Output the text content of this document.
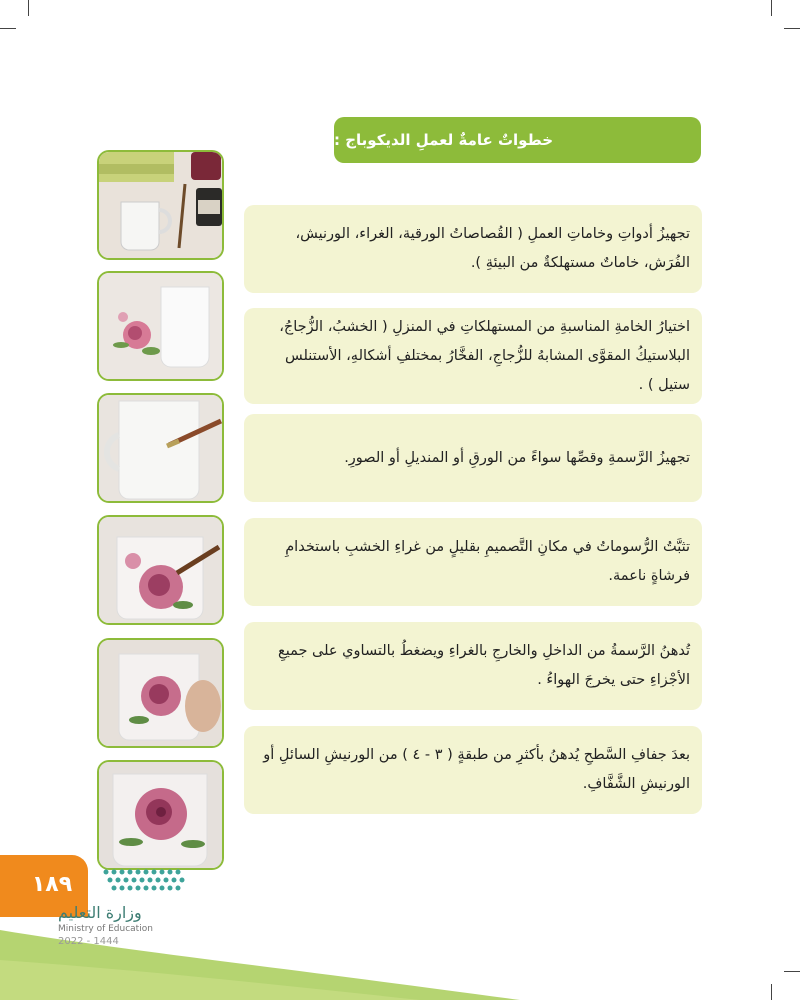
خطواتٌ عامةٌ لعملِ الديكوباج :
تجهيزُ أدواتِ وخاماتِ العملِ ( القُصاصاتُ الورقية، الغراء، الورنيش، الفُرَش، خاماتٌ مستهلكةٌ من البيئةِ ).
اختيارُ الخامةِ المناسبةِ من المستهلكاتِ في المنزلِ ( الخشبُ، الزُّجاجُ، البلاستيكُ المقوَّى المشابهُ للزُّجاجِ، الفخَّارُ بمختلفِ أشكالهِ، الأستنلس ستيل ) .
تجهيزُ الرَّسمةِ وقصِّها سواءً من الورقِ أو المنديلِ أو الصورِ.
تثبَّتُ الرُّسوماتُ في مكانِ التَّصميمِ بقليلٍ من غراءِ الخشبِ باستخدامِ فرشاةٍ ناعمة.
تُدهنُ الرَّسمةُ من الداخلِ والخارجِ بالغراءِ ويضغطُ بالتساوي على جميعِ الأجْزاءِ حتى يخرجَ الهواءُ .
بعدَ جفافِ السَّطحِ يُدهنُ بأكثرِ من طبقةٍ ( ٣ - ٤ ) من الورنيشِ السائلِ أو الورنيشِ الشَّفَّافِ.
١٨٩
وزارة التعليم
Ministry of Education
2022 - 1444
